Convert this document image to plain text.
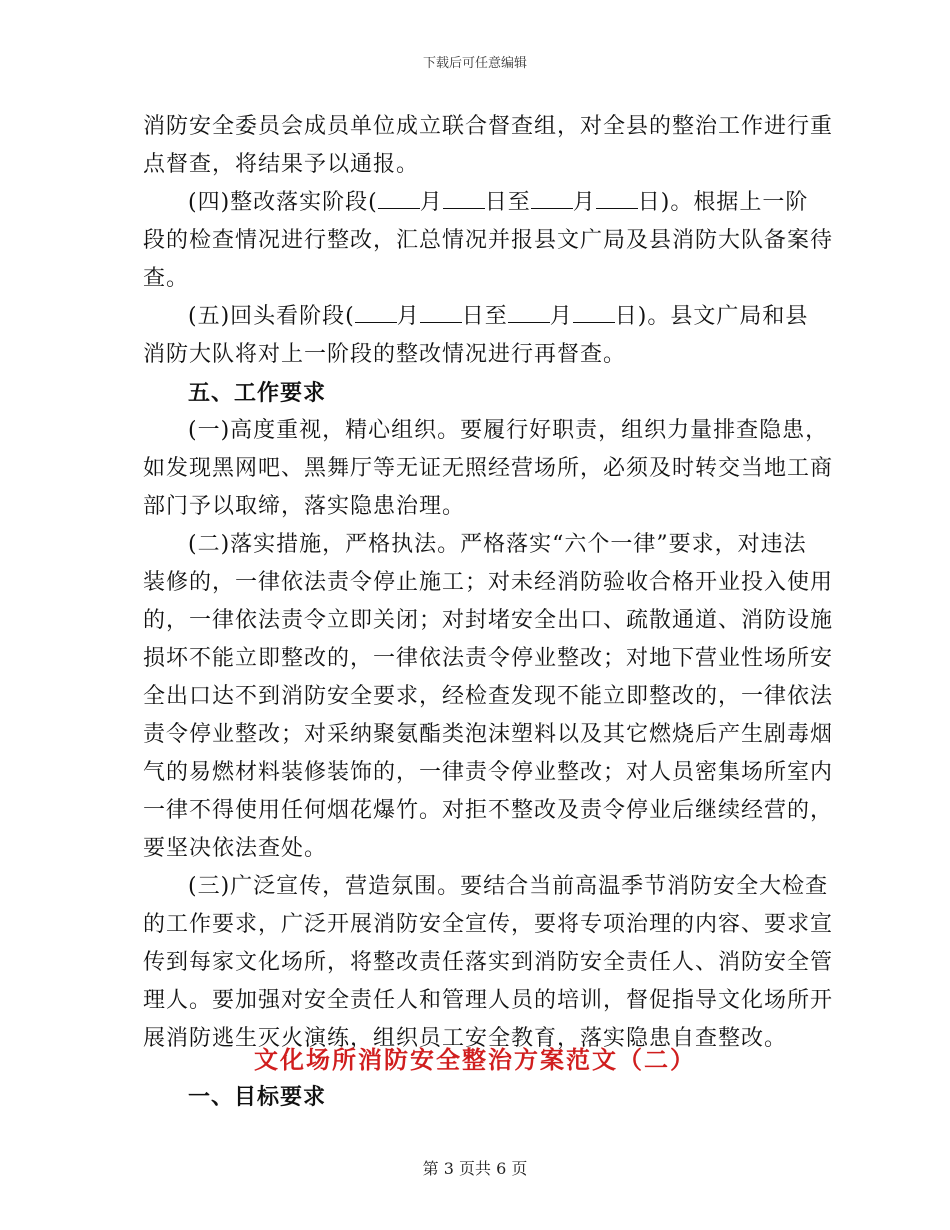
下载后可任意编辑
消防安全委员会成员单位成立联合督查组，对全县的整治工作进行重
点督查，将结果予以通报。
(四)整改落实阶段( 月 日至 月 日)。根据上一阶
段的检查情况进行整改，汇总情况并报县文广局及县消防大队备案待
查。
(五)回头看阶段( 月 日至 月 日)。县文广局和县
消防大队将对上一阶段的整改情况进行再督查。
五、工作要求
(一)高度重视，精心组织。要履行好职责，组织力量排查隐患，
如发现黑网吧、黑舞厅等无证无照经营场所，必须及时转交当地工商
部门予以取缔，落实隐患治理。
(二)落实措施，严格执法。严格落实“六个一律”要求，对违法
装修的，一律依法责令停止施工；对未经消防验收合格开业投入使用
的，一律依法责令立即关闭；对封堵安全出口、疏散通道、消防设施
损坏不能立即整改的，一律依法责令停业整改；对地下营业性场所安
全出口达不到消防安全要求，经检查发现不能立即整改的，一律依法
责令停业整改；对采纳聚氨酯类泡沫塑料以及其它燃烧后产生剧毒烟
气的易燃材料装修装饰的，一律责令停业整改；对人员密集场所室内
一律不得使用任何烟花爆竹。对拒不整改及责令停业后继续经营的，
要坚决依法查处。
(三)广泛宣传，营造氛围。要结合当前高温季节消防安全大检查
的工作要求，广泛开展消防安全宣传，要将专项治理的内容、要求宣
传到每家文化场所，将整改责任落实到消防安全责任人、消防安全管
理人。要加强对安全责任人和管理人员的培训，督促指导文化场所开
展消防逃生灭火演练，组织员工安全教育，落实隐患自查整改。
文化场所消防安全整治方案范文（二）
一、目标要求
第 3 页共 6 页
